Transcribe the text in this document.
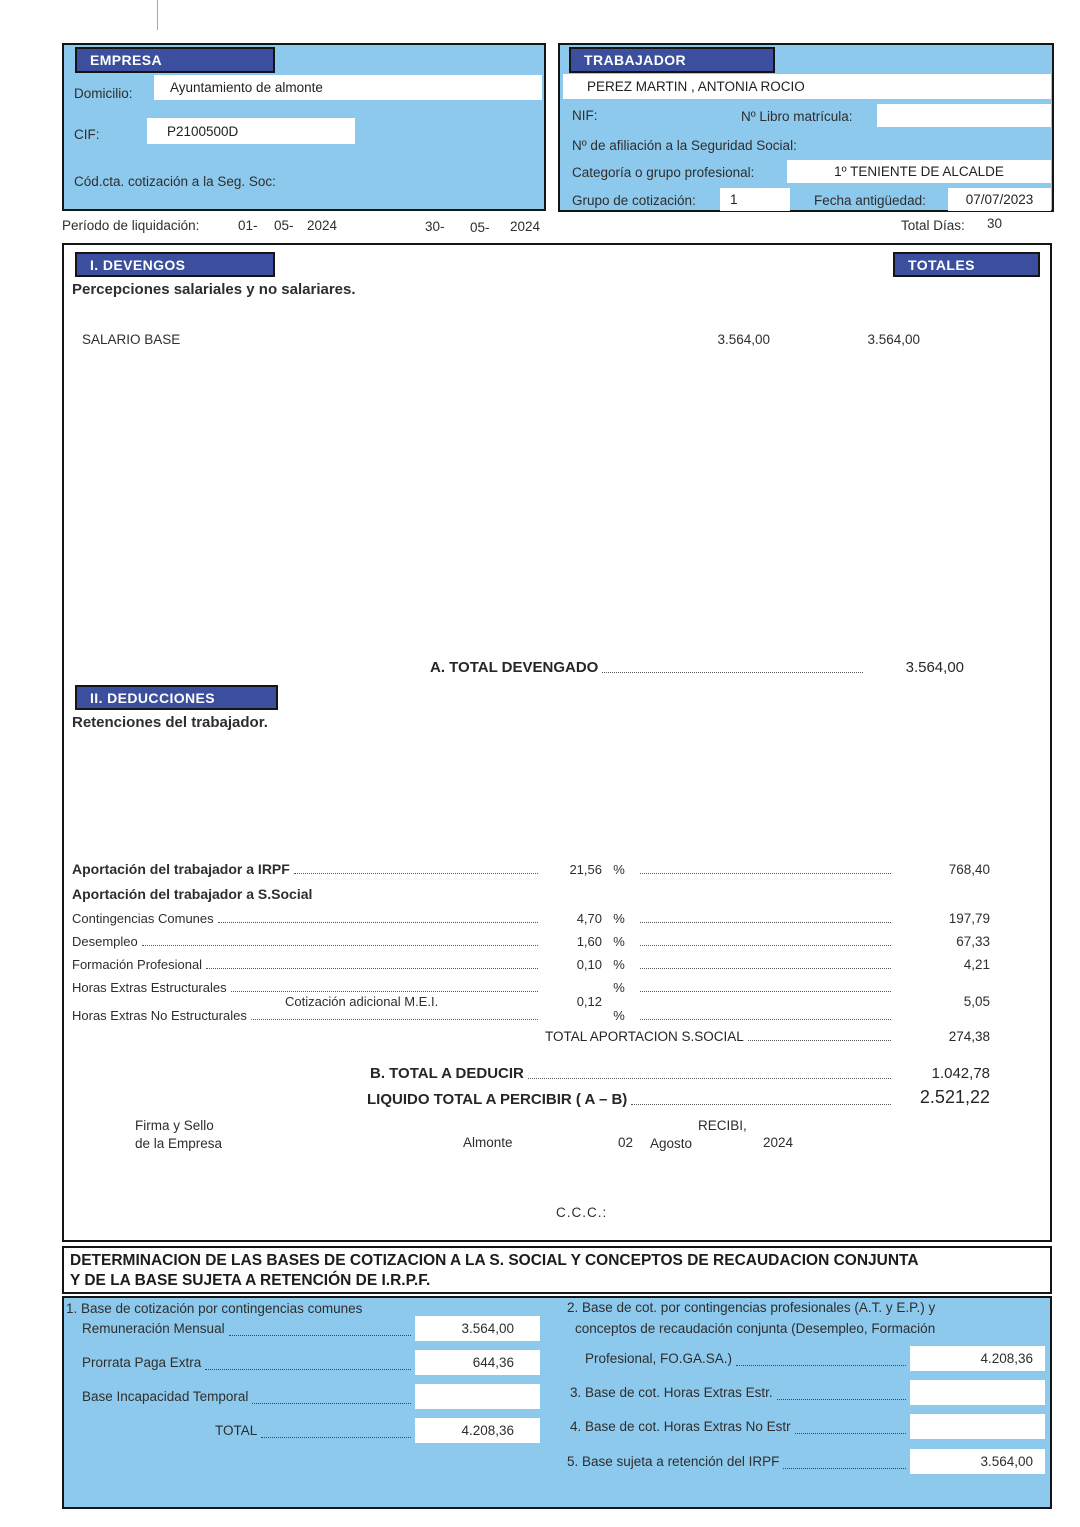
EMPRESA
Domicilio:	Ayuntamiento de almonte
CIF:	P2100500D
Cód.cta. cotización a la Seg. Soc:
TRABAJADOR
PEREZ MARTIN , ANTONIA ROCIO
NIF:	Nº Libro matrícula:
Nº de afiliación a la Seguridad Social:
Categoría o grupo profesional:	1º TENIENTE DE ALCALDE
Grupo de cotización:	1	Fecha antigüedad:	07/07/2023
Período de liquidación:	01- 05- 2024	30- 05- 2024	Total Días: 30
I. DEVENGOS	TOTALES
Percepciones salariales y no salariares.
SALARIO BASE	3.564,00	3.564,00
A. TOTAL DEVENGADO	3.564,00
II. DEDUCCIONES
Retenciones del trabajador.
Aportación del trabajador a IRPF	21,56 %	768,40
Aportación del trabajador a S.Social
Contingencias Comunes	4,70 %	197,79
Desempleo	1,60 %	67,33
Formación Profesional	0,10 %	4,21
Horas Extras Estructurales	%
Cotización adicional M.E.I.	0,12	5,05
Horas Extras No Estructurales	%
TOTAL APORTACION S.SOCIAL	274,38
B. TOTAL A DEDUCIR	1.042,78
LIQUIDO TOTAL A PERCIBIR ( A – B)	2.521,22
Firma y Sello
de la Empresa
RECIBI,
Almonte	02 Agosto	2024
C.C.C.:
DETERMINACION DE LAS BASES DE COTIZACION A LA S. SOCIAL Y CONCEPTOS DE RECAUDACION CONJUNTA
Y DE LA BASE SUJETA A RETENCIÓN DE I.R.P.F.
1. Base de cotización por contingencias comunes
Remuneración Mensual	3.564,00
Prorrata Paga Extra	644,36
Base Incapacidad Temporal
TOTAL	4.208,36
2. Base de cot. por contingencias profesionales (A.T. y E.P.) y
conceptos de recaudación conjunta (Desempleo, Formación
Profesional, FO.GA.SA.)	4.208,36
3. Base de cot. Horas Extras Estr.
4. Base de cot. Horas Extras No Estr
5. Base sujeta a retención del IRPF	3.564,00
